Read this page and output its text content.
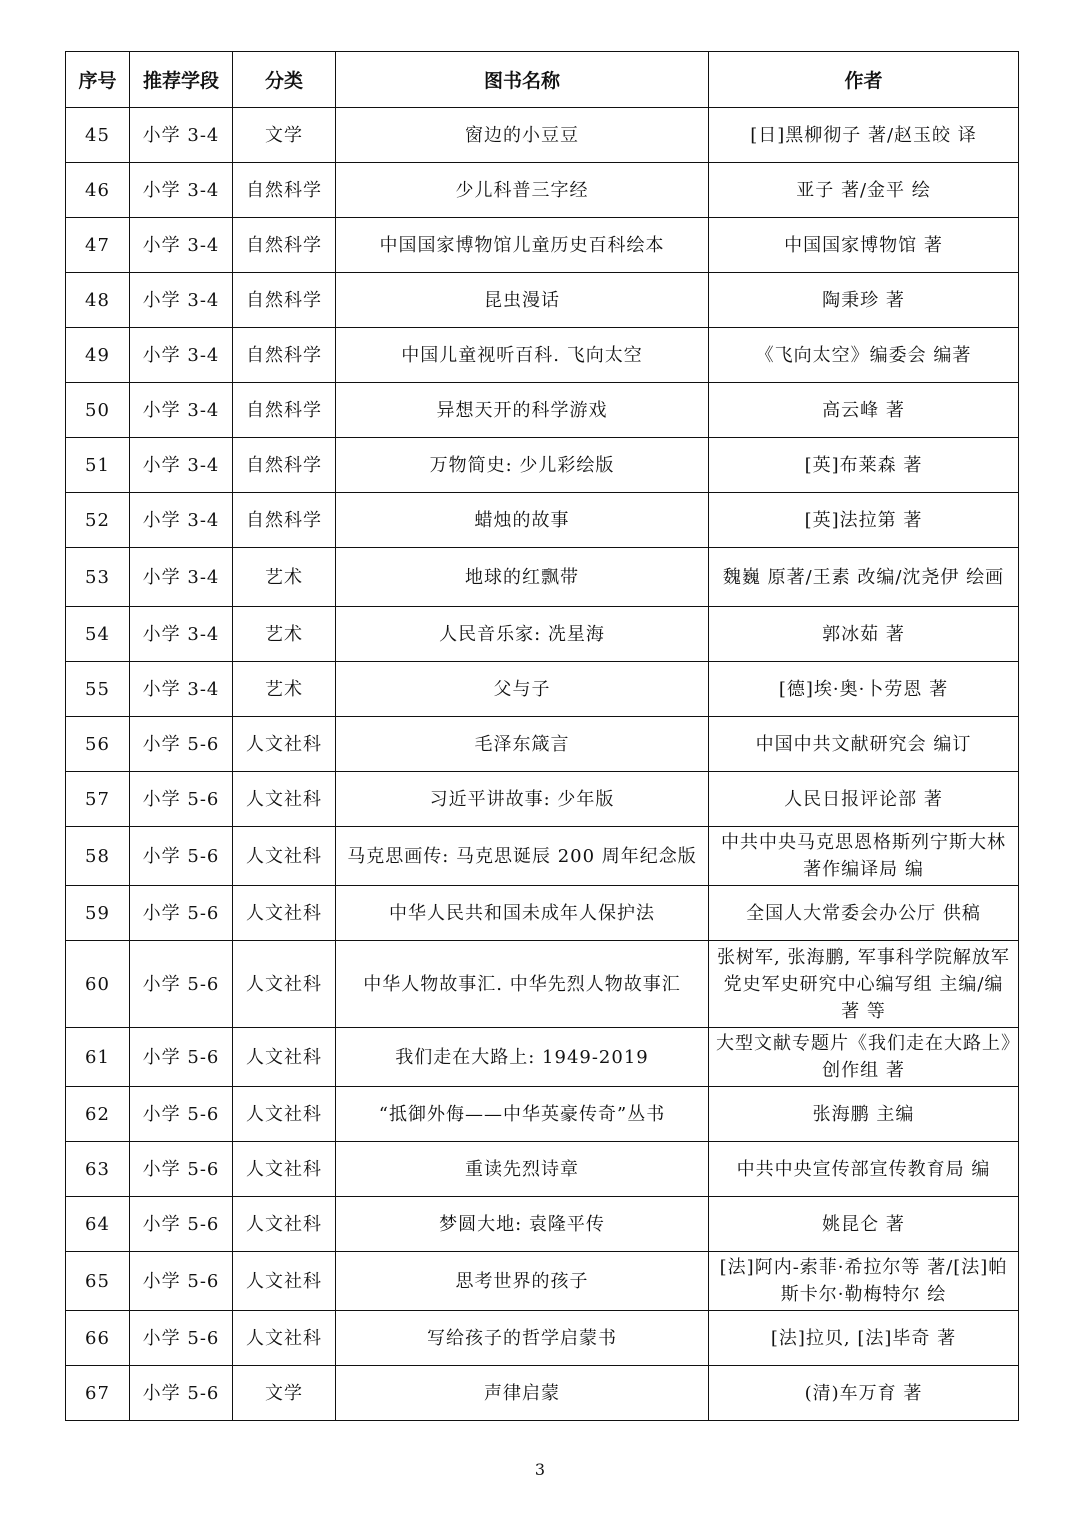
序号	推荐学段	分类	图书名称	作者
45	小学 3-4	文学	窗边的小豆豆	[日]黑柳彻子 著/赵玉皎 译
46	小学 3-4	自然科学	少儿科普三字经	亚子 著/金平 绘
47	小学 3-4	自然科学	中国国家博物馆儿童历史百科绘本	中国国家博物馆 著
48	小学 3-4	自然科学	昆虫漫话	陶秉珍 著
49	小学 3-4	自然科学	中国儿童视听百科. 飞向太空	《飞向太空》编委会 编著
50	小学 3-4	自然科学	异想天开的科学游戏	高云峰 著
51	小学 3-4	自然科学	万物简史: 少儿彩绘版	[英]布莱森 著
52	小学 3-4	自然科学	蜡烛的故事	[英]法拉第 著
53	小学 3-4	艺术	地球的红飘带	魏巍 原著/王素 改编/沈尧伊 绘画
54	小学 3-4	艺术	人民音乐家: 冼星海	郭冰茹 著
55	小学 3-4	艺术	父与子	[德]埃·奥·卜劳恩 著
56	小学 5-6	人文社科	毛泽东箴言	中国中共文献研究会 编订
57	小学 5-6	人文社科	习近平讲故事: 少年版	人民日报评论部 著
58	小学 5-6	人文社科	马克思画传: 马克思诞辰 200 周年纪念版	中共中央马克思恩格斯列宁斯大林著作编译局 编
59	小学 5-6	人文社科	中华人民共和国未成年人保护法	全国人大常委会办公厅 供稿
60	小学 5-6	人文社科	中华人物故事汇. 中华先烈人物故事汇	张树军, 张海鹏, 军事科学院解放军党史军史研究中心编写组 主编/编著 等
61	小学 5-6	人文社科	我们走在大路上: 1949-2019	大型文献专题片《我们走在大路上》创作组 著
62	小学 5-6	人文社科	“抵御外侮——中华英豪传奇”丛书	张海鹏 主编
63	小学 5-6	人文社科	重读先烈诗章	中共中央宣传部宣传教育局 编
64	小学 5-6	人文社科	梦圆大地: 袁隆平传	姚昆仑 著
65	小学 5-6	人文社科	思考世界的孩子	[法]阿内-索菲·希拉尔等 著/[法]帕斯卡尔·勒梅特尔 绘
66	小学 5-6	人文社科	写给孩子的哲学启蒙书	[法]拉贝, [法]毕奇 著
67	小学 5-6	文学	声律启蒙	(清)车万育 著
3
